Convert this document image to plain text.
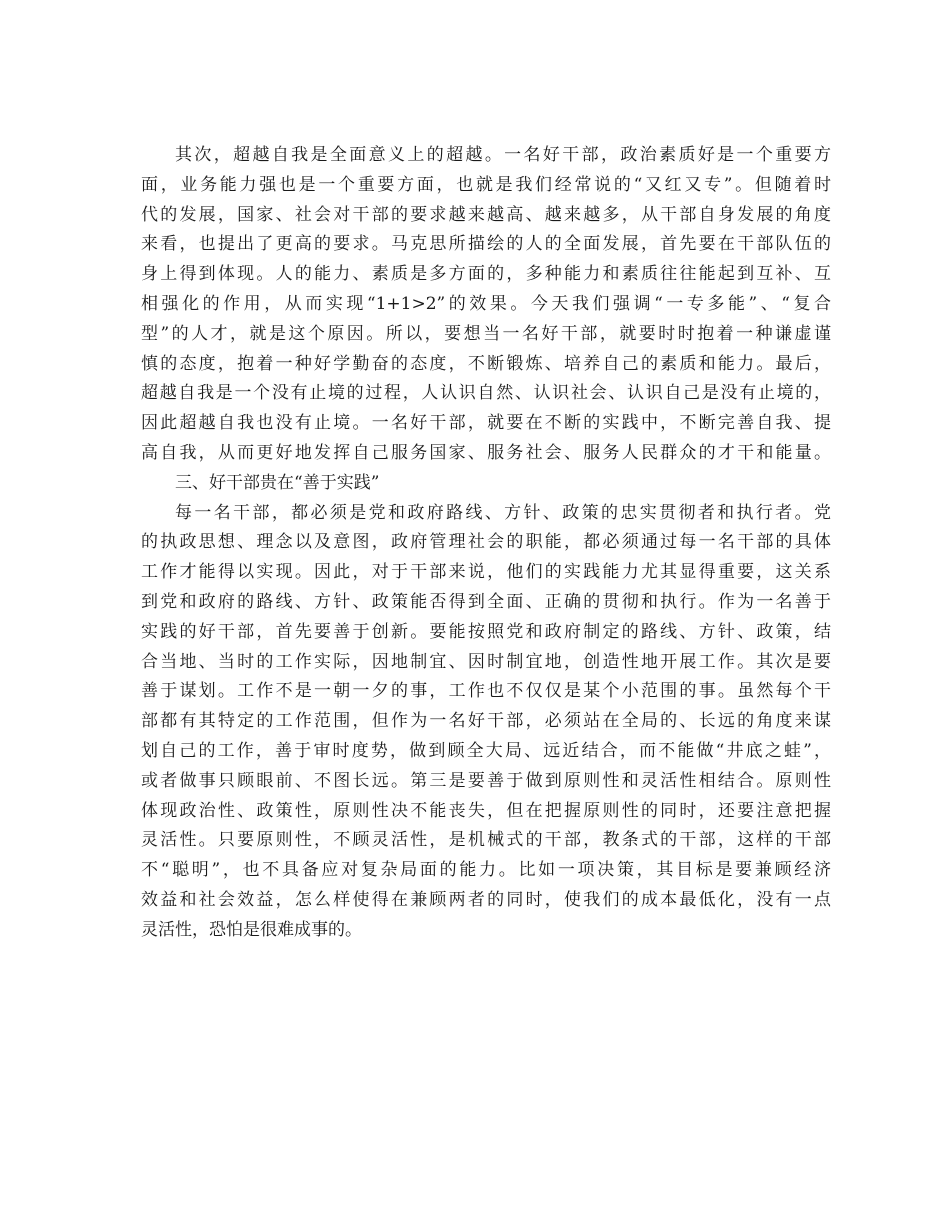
其次，超越自我是全面意义上的超越。一名好干部，政治素质好是一个重要方
面，业务能力强也是一个重要方面，也就是我们经常说的“又红又专”。但随着时
代的发展，国家、社会对干部的要求越来越高、越来越多，从干部自身发展的角度
来看，也提出了更高的要求。马克思所描绘的人的全面发展，首先要在干部队伍的
身上得到体现。人的能力、素质是多方面的，多种能力和素质往往能起到互补、互
相强化的作用，从而实现“1+1>2”的效果。今天我们强调“一专多能”、“复合
型”的人才，就是这个原因。所以，要想当一名好干部，就要时时抱着一种谦虚谨
慎的态度，抱着一种好学勤奋的态度，不断锻炼、培养自己的素质和能力。最后，
超越自我是一个没有止境的过程，人认识自然、认识社会、认识自己是没有止境的，
因此超越自我也没有止境。一名好干部，就要在不断的实践中，不断完善自我、提
高自我，从而更好地发挥自己服务国家、服务社会、服务人民群众的才干和能量。
三、好干部贵在“善于实践”
每一名干部，都必须是党和政府路线、方针、政策的忠实贯彻者和执行者。党
的执政思想、理念以及意图，政府管理社会的职能，都必须通过每一名干部的具体
工作才能得以实现。因此，对于干部来说，他们的实践能力尤其显得重要，这关系
到党和政府的路线、方针、政策能否得到全面、正确的贯彻和执行。作为一名善于
实践的好干部，首先要善于创新。要能按照党和政府制定的路线、方针、政策，结
合当地、当时的工作实际，因地制宜、因时制宜地，创造性地开展工作。其次是要
善于谋划。工作不是一朝一夕的事，工作也不仅仅是某个小范围的事。虽然每个干
部都有其特定的工作范围，但作为一名好干部，必须站在全局的、长远的角度来谋
划自己的工作，善于审时度势，做到顾全大局、远近结合，而不能做“井底之蛙”，
或者做事只顾眼前、不图长远。第三是要善于做到原则性和灵活性相结合。原则性
体现政治性、政策性，原则性决不能丧失，但在把握原则性的同时，还要注意把握
灵活性。只要原则性，不顾灵活性，是机械式的干部，教条式的干部，这样的干部
不“聪明”，也不具备应对复杂局面的能力。比如一项决策，其目标是要兼顾经济
效益和社会效益，怎么样使得在兼顾两者的同时，使我们的成本最低化，没有一点
灵活性，恐怕是很难成事的。
